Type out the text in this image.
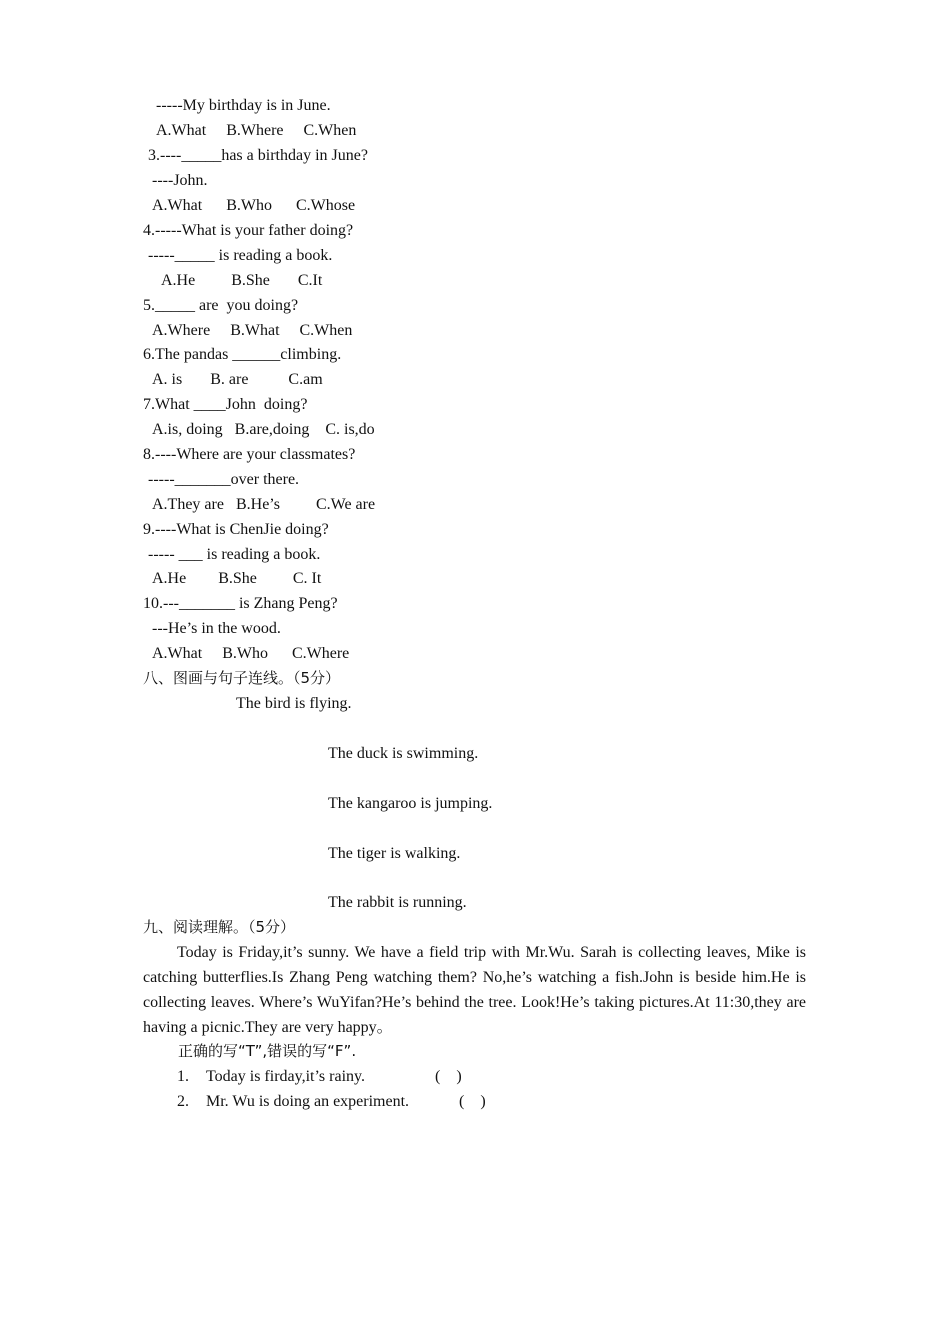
-----My birthday is in June.
A.What     B.Where     C.When
3.----_____has a birthday in June?
----John.
A.What      B.Who      C.Whose
4.-----What is your father doing?
-----_____ is reading a book.
A.He         B.She       C.It
5._____ are  you doing?
A.Where     B.What     C.When
6.The pandas ______climbing.
A. is       B. are          C.am
7.What ____John  doing?
A.is, doing   B.are,doing    C. is,do
8.----Where are your classmates?
-----_______over there.
A.They are   B.He’s         C.We are
9.----What is ChenJie doing?
----- ___ is reading a book.
A.He        B.She         C. It
10.---_______ is Zhang Peng?
---He’s in the wood.
A.What     B.Who      C.Where
八、图画与句子连线。（5分）
The bird is flying.
The duck is swimming.
The kangaroo is jumping.
The tiger is walking.
The rabbit is running.
九、阅读理解。（5分）
Today is Friday,it’s sunny. We have a field trip with Mr.Wu. Sarah is collecting leaves, Mike is catching butterflies.Is Zhang Peng watching them? No,he’s watching a fish.John is beside him.He is collecting leaves. Where’s WuYifan?He’s behind the tree. Look!He’s taking pictures.At 11:30,they are having a picnic.They are very happy。
正确的写“T”,错误的写“F”.
1. Today is firday,it’s rainy.	(    )
2. Mr. Wu is doing an experiment.	(    )
